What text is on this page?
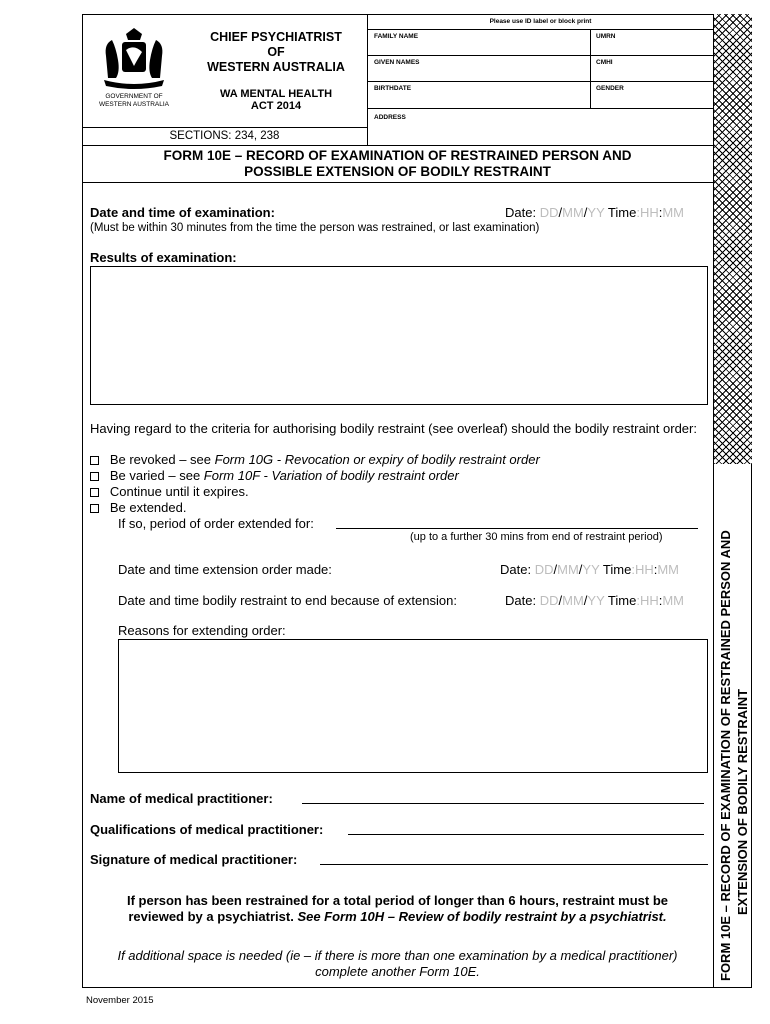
GOVERNMENT OF
WESTERN AUSTRALIA
CHIEF PSYCHIATRIST
OF
WESTERN AUSTRALIA
WA MENTAL HEALTH
ACT 2014
Please use ID label or block print
FAMILY NAME	UMRN
GIVEN NAMES	CMHI
BIRTHDATE	GENDER
ADDRESS
SECTIONS: 234, 238
FORM 10E – RECORD OF EXAMINATION OF RESTRAINED PERSON AND
POSSIBLE EXTENSION OF BODILY RESTRAINT
FORM 10E – RECORD OF EXAMINATION OF RESTRAINED PERSON AND EXTENSION OF BODILY RESTRAINT
Date and time of examination:	Date: DD/MM/YY Time:HH:MM
(Must be within 30 minutes from the time the person was restrained, or last examination)
Results of examination:
Having regard to the criteria for authorising bodily restraint (see overleaf) should the bodily restraint order:
Be revoked – see Form 10G - Revocation or expiry of bodily restraint order
Be varied – see Form 10F - Variation of bodily restraint order
Continue until it expires.
Be extended.
If so, period of order extended for:
(up to a further 30 mins from end of restraint period)
Date and time extension order made:	Date: DD/MM/YY Time:HH:MM
Date and time bodily restraint to end because of extension:	Date: DD/MM/YY Time:HH:MM
Reasons for extending order:
Name of medical practitioner:
Qualifications of medical practitioner:
Signature of medical practitioner:
If person has been restrained for a total period of longer than 6 hours, restraint must be
reviewed by a psychiatrist. See Form 10H – Review of bodily restraint by a psychiatrist.
If additional space is needed (ie – if there is more than one examination by a medical practitioner)
complete another Form 10E.
November 2015
